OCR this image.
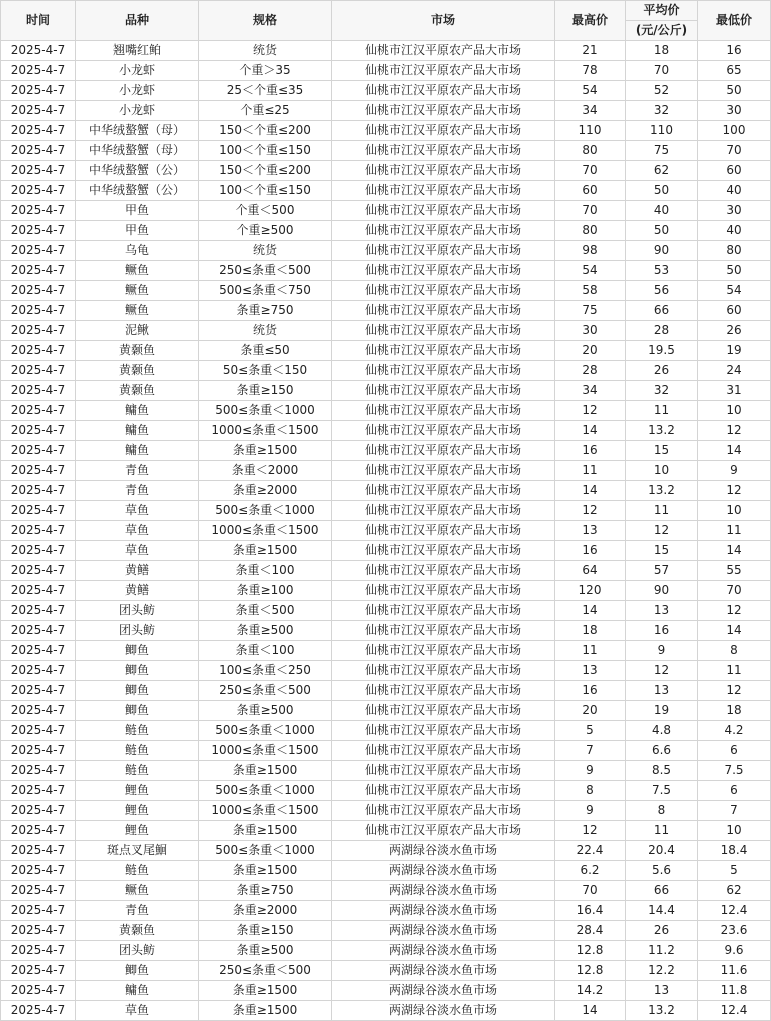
时间	品种	规格	市场	最高价	平均价	最低价
					(元/公斤)	
2025-4-7	翘嘴红鲌	统货	仙桃市江汉平原农产品大市场	21	18	16
2025-4-7	小龙虾	个重＞35	仙桃市江汉平原农产品大市场	78	70	65
2025-4-7	小龙虾	25＜个重≤35	仙桃市江汉平原农产品大市场	54	52	50
2025-4-7	小龙虾	个重≤25	仙桃市江汉平原农产品大市场	34	32	30
2025-4-7	中华绒螯蟹（母）	150＜个重≤200	仙桃市江汉平原农产品大市场	110	110	100
2025-4-7	中华绒螯蟹（母）	100＜个重≤150	仙桃市江汉平原农产品大市场	80	75	70
2025-4-7	中华绒螯蟹（公）	150＜个重≤200	仙桃市江汉平原农产品大市场	70	62	60
2025-4-7	中华绒螯蟹（公）	100＜个重≤150	仙桃市江汉平原农产品大市场	60	50	40
2025-4-7	甲鱼	个重＜500	仙桃市江汉平原农产品大市场	70	40	30
2025-4-7	甲鱼	个重≥500	仙桃市江汉平原农产品大市场	80	50	40
2025-4-7	乌龟	统货	仙桃市江汉平原农产品大市场	98	90	80
2025-4-7	鳜鱼	250≤条重＜500	仙桃市江汉平原农产品大市场	54	53	50
2025-4-7	鳜鱼	500≤条重＜750	仙桃市江汉平原农产品大市场	58	56	54
2025-4-7	鳜鱼	条重≥750	仙桃市江汉平原农产品大市场	75	66	60
2025-4-7	泥鳅	统货	仙桃市江汉平原农产品大市场	30	28	26
2025-4-7	黄颡鱼	条重≤50	仙桃市江汉平原农产品大市场	20	19.5	19
2025-4-7	黄颡鱼	50≤条重＜150	仙桃市江汉平原农产品大市场	28	26	24
2025-4-7	黄颡鱼	条重≥150	仙桃市江汉平原农产品大市场	34	32	31
2025-4-7	鳙鱼	500≤条重＜1000	仙桃市江汉平原农产品大市场	12	11	10
2025-4-7	鳙鱼	1000≤条重＜1500	仙桃市江汉平原农产品大市场	14	13.2	12
2025-4-7	鳙鱼	条重≥1500	仙桃市江汉平原农产品大市场	16	15	14
2025-4-7	青鱼	条重＜2000	仙桃市江汉平原农产品大市场	11	10	9
2025-4-7	青鱼	条重≥2000	仙桃市江汉平原农产品大市场	14	13.2	12
2025-4-7	草鱼	500≤条重＜1000	仙桃市江汉平原农产品大市场	12	11	10
2025-4-7	草鱼	1000≤条重＜1500	仙桃市江汉平原农产品大市场	13	12	11
2025-4-7	草鱼	条重≥1500	仙桃市江汉平原农产品大市场	16	15	14
2025-4-7	黄鳝	条重＜100	仙桃市江汉平原农产品大市场	64	57	55
2025-4-7	黄鳝	条重≥100	仙桃市江汉平原农产品大市场	120	90	70
2025-4-7	团头鲂	条重＜500	仙桃市江汉平原农产品大市场	14	13	12
2025-4-7	团头鲂	条重≥500	仙桃市江汉平原农产品大市场	18	16	14
2025-4-7	鲫鱼	条重＜100	仙桃市江汉平原农产品大市场	11	9	8
2025-4-7	鲫鱼	100≤条重＜250	仙桃市江汉平原农产品大市场	13	12	11
2025-4-7	鲫鱼	250≤条重＜500	仙桃市江汉平原农产品大市场	16	13	12
2025-4-7	鲫鱼	条重≥500	仙桃市江汉平原农产品大市场	20	19	18
2025-4-7	鲢鱼	500≤条重＜1000	仙桃市江汉平原农产品大市场	5	4.8	4.2
2025-4-7	鲢鱼	1000≤条重＜1500	仙桃市江汉平原农产品大市场	7	6.6	6
2025-4-7	鲢鱼	条重≥1500	仙桃市江汉平原农产品大市场	9	8.5	7.5
2025-4-7	鲤鱼	500≤条重＜1000	仙桃市江汉平原农产品大市场	8	7.5	6
2025-4-7	鲤鱼	1000≤条重＜1500	仙桃市江汉平原农产品大市场	9	8	7
2025-4-7	鲤鱼	条重≥1500	仙桃市江汉平原农产品大市场	12	11	10
2025-4-7	斑点叉尾鮰	500≤条重＜1000	两湖绿谷淡水鱼市场	22.4	20.4	18.4
2025-4-7	鲢鱼	条重≥1500	两湖绿谷淡水鱼市场	6.2	5.6	5
2025-4-7	鳜鱼	条重≥750	两湖绿谷淡水鱼市场	70	66	62
2025-4-7	青鱼	条重≥2000	两湖绿谷淡水鱼市场	16.4	14.4	12.4
2025-4-7	黄颡鱼	条重≥150	两湖绿谷淡水鱼市场	28.4	26	23.6
2025-4-7	团头鲂	条重≥500	两湖绿谷淡水鱼市场	12.8	11.2	9.6
2025-4-7	鲫鱼	250≤条重＜500	两湖绿谷淡水鱼市场	12.8	12.2	11.6
2025-4-7	鳙鱼	条重≥1500	两湖绿谷淡水鱼市场	14.2	13	11.8
2025-4-7	草鱼	条重≥1500	两湖绿谷淡水鱼市场	14	13.2	12.4
